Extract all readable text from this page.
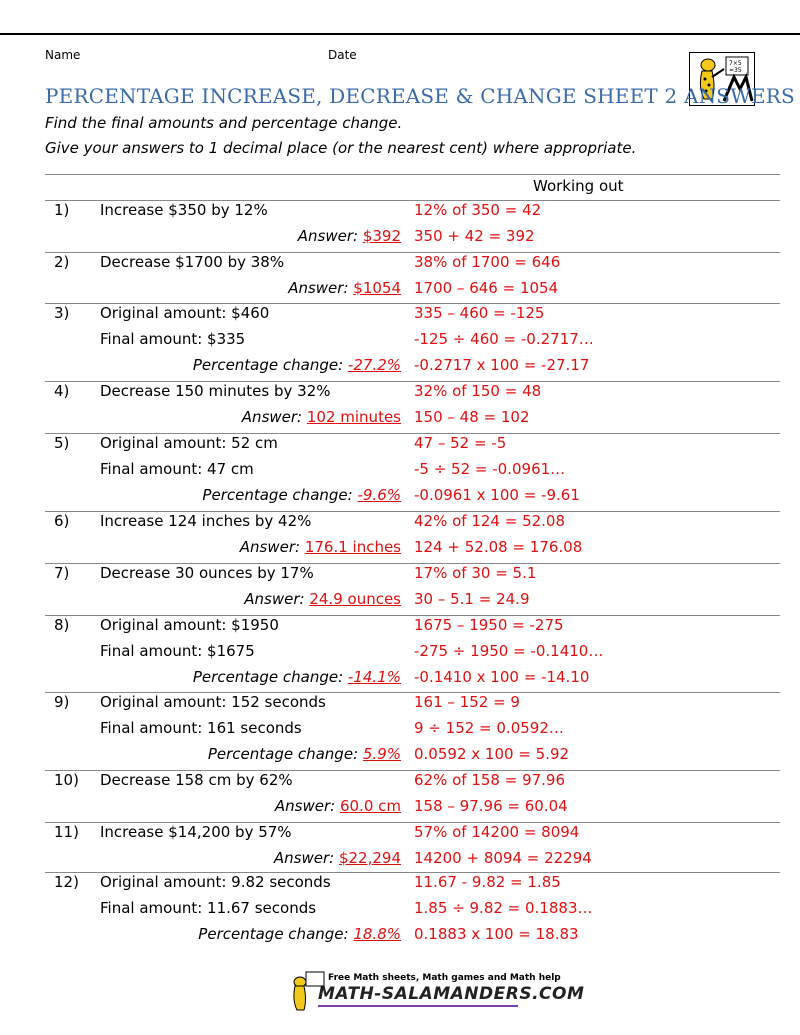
Name	Date
7×5
=35
PERCENTAGE INCREASE, DECREASE & CHANGE SHEET 2 ANSWERS
Find the final amounts and percentage change.
Give your answers to 1 decimal place (or the nearest cent) where appropriate.
Working out
1) Increase $350 by 12%
Answer: $392
12% of 350 = 42
350 + 42 = 392
2) Decrease $1700 by 38%
Answer: $1054
38% of 1700 = 646
1700 – 646 = 1054
3) Original amount: $460
Final amount: $335
Percentage change: -27.2%
335 – 460 = -125
-125 ÷ 460 = -0.2717…
-0.2717 x 100 = -27.17
4) Decrease 150 minutes by 32%
Answer: 102 minutes
32% of 150 = 48
150 – 48 = 102
5) Original amount: 52 cm
Final amount: 47 cm
Percentage change: -9.6%
47 – 52 = -5
-5 ÷ 52 = -0.0961…
-0.0961 x 100 = -9.61
6) Increase 124 inches by 42%
Answer: 176.1 inches
42% of 124 = 52.08
124 + 52.08 = 176.08
7) Decrease 30 ounces by 17%
Answer: 24.9 ounces
17% of 30 = 5.1
30 – 5.1 = 24.9
8) Original amount: $1950
Final amount: $1675
Percentage change: -14.1%
1675 – 1950 = -275
-275 ÷ 1950 = -0.1410…
-0.1410 x 100 = -14.10
9) Original amount: 152 seconds
Final amount: 161 seconds
Percentage change: 5.9%
161 – 152 = 9
9 ÷ 152 = 0.0592…
0.0592 x 100 = 5.92
10) Decrease 158 cm by 62%
Answer: 60.0 cm
62% of 158 = 97.96
158 – 97.96 = 60.04
11) Increase $14,200 by 57%
Answer: $22,294
57% of 14200 = 8094
14200 + 8094 = 22294
12) Original amount: 9.82 seconds
Final amount: 11.67 seconds
Percentage change: 18.8%
11.67 - 9.82 = 1.85
1.85 ÷ 9.82 = 0.1883…
0.1883 x 100 = 18.83
Free Math sheets, Math games and Math help
MATH-SALAMANDERS.COM
